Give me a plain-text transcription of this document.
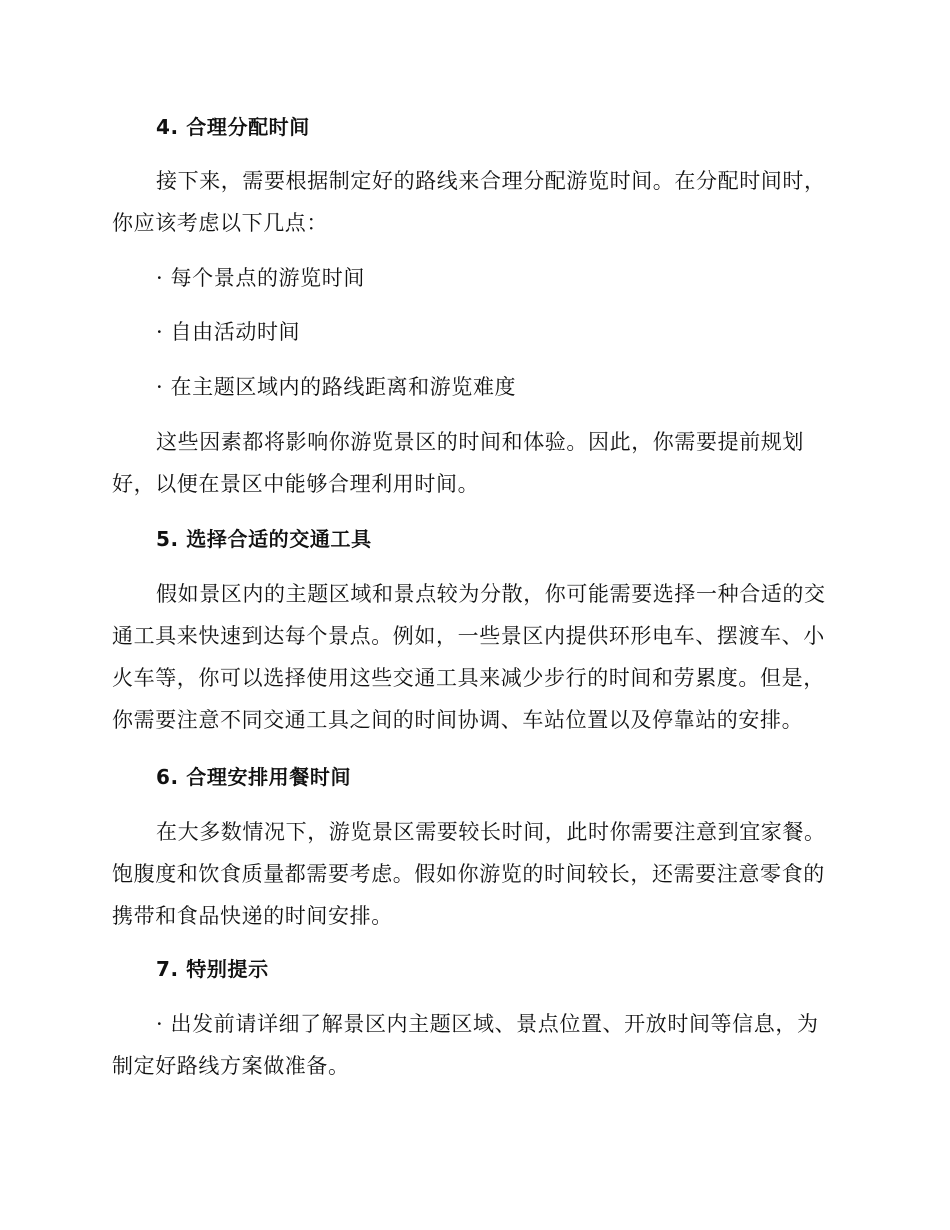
4. 合理分配时间
接下来，需要根据制定好的路线来合理分配游览时间。在分配时间时，你应该考虑以下几点：
· 每个景点的游览时间
· 自由活动时间
· 在主题区域内的路线距离和游览难度
这些因素都将影响你游览景区的时间和体验。因此，你需要提前规划好，以便在景区中能够合理利用时间。
5. 选择合适的交通工具
假如景区内的主题区域和景点较为分散，你可能需要选择一种合适的交通工具来快速到达每个景点。例如，一些景区内提供环形电车、摆渡车、小火车等，你可以选择使用这些交通工具来减少步行的时间和劳累度。但是，你需要注意不同交通工具之间的时间协调、车站位置以及停靠站的安排。
6. 合理安排用餐时间
在大多数情况下，游览景区需要较长时间，此时你需要注意到宜家餐。饱腹度和饮食质量都需要考虑。假如你游览的时间较长，还需要注意零食的携带和食品快递的时间安排。
7. 特别提示
· 出发前请详细了解景区内主题区域、景点位置、开放时间等信息，为制定好路线方案做准备。
